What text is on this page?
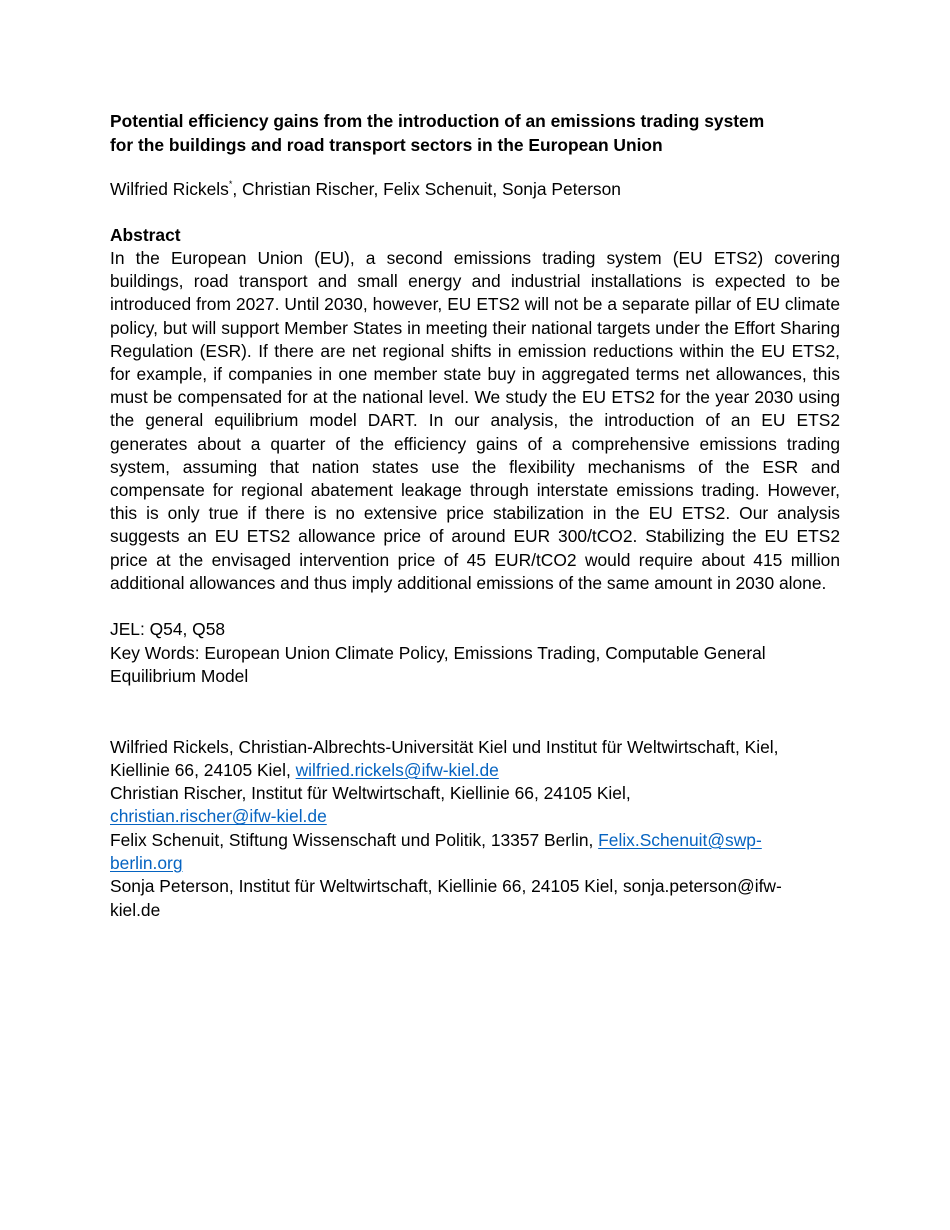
Potential efficiency gains from the introduction of an emissions trading system
for the buildings and road transport sectors in the European Union

Wilfried Rickels*, Christian Rischer, Felix Schenuit, Sonja Peterson

Abstract

In the European Union (EU), a second emissions trading system (EU ETS2) covering buildings, road transport and small energy and industrial installations is expected to be introduced from 2027. Until 2030, however, EU ETS2 will not be a separate pillar of EU climate policy, but will support Member States in meeting their national targets under the Effort Sharing Regulation (ESR). If there are net regional shifts in emission reductions within the EU ETS2, for example, if companies in one member state buy in aggregated terms net allowances, this must be compensated for at the national level. We study the EU ETS2 for the year 2030 using the general equilibrium model DART. In our analysis, the introduction of an EU ETS2 generates about a quarter of the efficiency gains of a comprehensive emissions trading system, assuming that nation states use the flexibility mechanisms of the ESR and compensate for regional abatement leakage through interstate emissions trading. However, this is only true if there is no extensive price stabilization in the EU ETS2. Our analysis suggests an EU ETS2 allowance price of around EUR 300/tCO2. Stabilizing the EU ETS2 price at the envisaged intervention price of 45 EUR/tCO2 would require about 415 million additional allowances and thus imply additional emissions of the same amount in 2030 alone.

JEL: Q54, Q58
Key Words: European Union Climate Policy, Emissions Trading, Computable General
Equilibrium Model

Wilfried Rickels, Christian-Albrechts-Universität Kiel und Institut für Weltwirtschaft, Kiel,
Kiellinie 66, 24105 Kiel, wilfried.rickels@ifw-kiel.de

Christian Rischer, Institut für Weltwirtschaft, Kiellinie 66, 24105 Kiel,
christian.rischer@ifw-kiel.de

Felix Schenuit, Stiftung Wissenschaft und Politik, 13357 Berlin, Felix.Schenuit@swp-
berlin.org

Sonja Peterson, Institut für Weltwirtschaft, Kiellinie 66, 24105 Kiel, sonja.peterson@ifw-
kiel.de
